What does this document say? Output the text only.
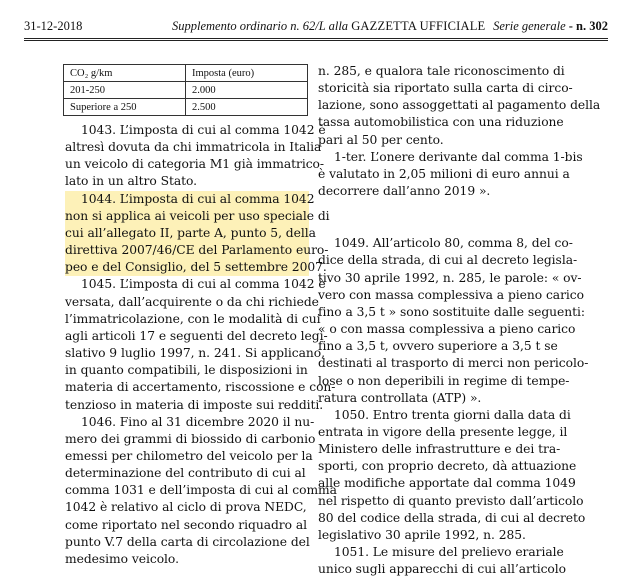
31-12-2018	Supplemento ordinario n. 62/L alla GAZZETTA UFFICIALE Serie generale - n. 302
CO₂ g/km	Imposta (euro)
201-250	2.000
Superiore a 250	2.500

1043. L’imposta di cui al comma 1042 è
altresì dovuta da chi immatricola in Italia
un veicolo di categoria M1 già immatrico-
lato in un altro Stato.

1044. L’imposta di cui al comma 1042
non si applica ai veicoli per uso speciale di
cui all’allegato II, parte A, punto 5, della
direttiva 2007/46/CE del Parlamento euro-
peo e del Consiglio, del 5 settembre 2007.

1045. L’imposta di cui al comma 1042 è
versata, dall’acquirente o da chi richiede
l’immatricolazione, con le modalità di cui
agli articoli 17 e seguenti del decreto legi-
slativo 9 luglio 1997, n. 241. Si applicano,
in quanto compatibili, le disposizioni in
materia di accertamento, riscossione e con-
tenzioso in materia di imposte sui redditi.

1046. Fino al 31 dicembre 2020 il nu-
mero dei grammi di biossido di carbonio
emessi per chilometro del veicolo per la
determinazione del contributo di cui al
comma 1031 e dell’imposta di cui al comma
1042 è relativo al ciclo di prova NEDC,
come riportato nel secondo riquadro al
punto V.7 della carta di circolazione del
medesimo veicolo.

n. 285, e qualora tale riconoscimento di
storicità sia riportato sulla carta di circo-
lazione, sono assoggettati al pagamento della
tassa automobilistica con una riduzione
pari al 50 per cento.

1-ter. L’onere derivante dal comma 1-bis
è valutato in 2,05 milioni di euro annui a
decorrere dall’anno 2019 ».

1049. All’articolo 80, comma 8, del co-
dice della strada, di cui al decreto legisla-
tivo 30 aprile 1992, n. 285, le parole: « ov-
vero con massa complessiva a pieno carico
fino a 3,5 t » sono sostituite dalle seguenti:
« o con massa complessiva a pieno carico
fino a 3,5 t, ovvero superiore a 3,5 t se
destinati al trasporto di merci non pericolo-
lose o non deperibili in regime di tempe-
ratura controllata (ATP) ».

1050. Entro trenta giorni dalla data di
entrata in vigore della presente legge, il
Ministero delle infrastrutture e dei tra-
sporti, con proprio decreto, dà attuazione
alle modifiche apportate dal comma 1049
nel rispetto di quanto previsto dall’articolo
80 del codice della strada, di cui al decreto
legislativo 30 aprile 1992, n. 285.

1051. Le misure del prelievo erariale
unico sugli apparecchi di cui all’articolo
